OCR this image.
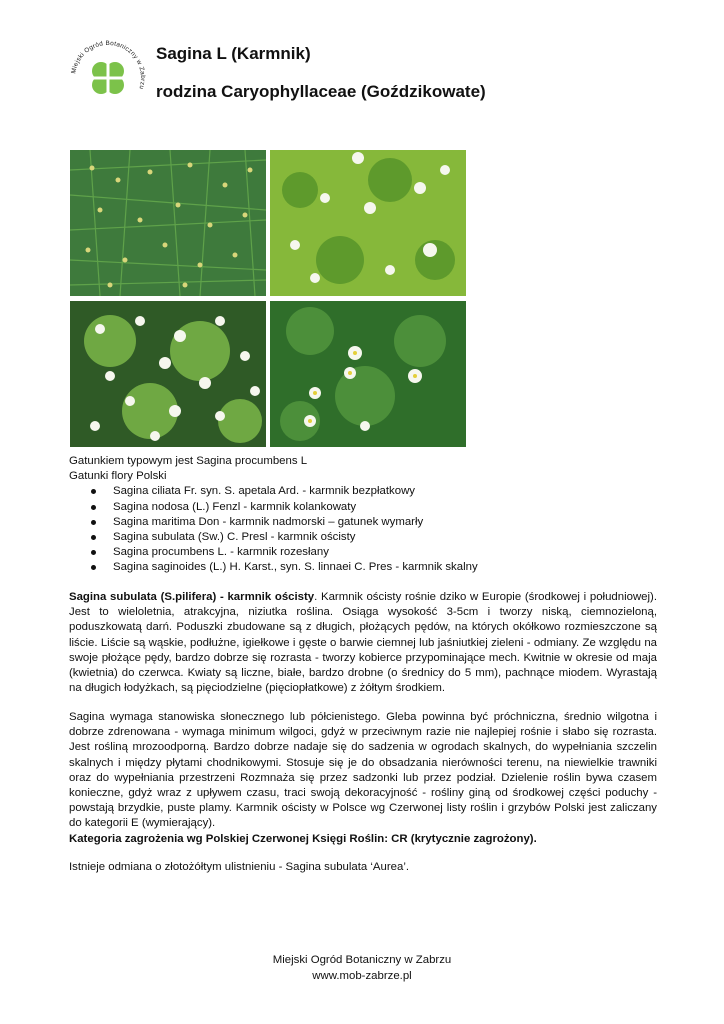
Miejski Ogród Botaniczny w Zabrzu
Sagina L (Karmnik)
rodzina Caryophyllaceae (Goździkowate)
Gatunkiem typowym jest Sagina procumbens L
Gatunki flory Polski
Sagina ciliata Fr. syn. S. apetala Ard. - karmnik bezpłatkowy
Sagina nodosa (L.) Fenzl - karmnik kolankowaty
Sagina maritima Don - karmnik nadmorski – gatunek wymarły
Sagina subulata (Sw.) C. Presl - karmnik ościsty
Sagina procumbens L. - karmnik rozesłany
Sagina saginoides (L.) H. Karst., syn. S. linnaei C. Pres - karmnik skalny
Sagina subulata (S.pilifera) - karmnik ościsty. Karmnik ościsty rośnie dziko w Europie (środkowej i południowej). Jest to wieloletnia, atrakcyjna, niziutka roślina. Osiąga wysokość 3-5cm i tworzy niską, ciemnozieloną, poduszkowatą darń. Poduszki zbudowane są z długich, płożących pędów, na których okółkowo rozmieszczone są liście. Liście są wąskie, podłużne, igiełkowe i gęste o barwie ciemnej lub jaśniutkiej zieleni - odmiany. Ze względu na swoje płożące pędy, bardzo dobrze się rozrasta - tworzy kobierce przypominające mech. Kwitnie w okresie od maja (kwietnia) do czerwca. Kwiaty są liczne, białe, bardzo drobne (o średnicy do 5 mm), pachnące miodem. Wyrastają na długich łodyżkach, są pięciodzielne (pięciopłatkowe) z żółtym środkiem.
Sagina wymaga stanowiska słonecznego lub półcienistego. Gleba powinna być próchniczna, średnio wilgotna i dobrze zdrenowana - wymaga minimum wilgoci, gdyż w przeciwnym razie nie najlepiej rośnie i słabo się rozrasta. Jest rośliną mrozoodporną. Bardzo dobrze nadaje się do sadzenia w ogrodach skalnych, do wypełniania szczelin skalnych i między płytami chodnikowymi. Stosuje się je do obsadzania nierówności terenu, na niewielkie trawniki oraz do wypełniania przestrzeni Rozmnaża się przez sadzonki lub przez podział. Dzielenie roślin bywa czasem konieczne, gdyż wraz z upływem czasu, traci swoją dekoracyjność - rośliny giną od środkowej części poduchy - powstają brzydkie, puste plamy. Karmnik ościsty w Polsce wg Czerwonej listy roślin i grzybów Polski jest zaliczany do kategorii E (wymierający).
Kategoria zagrożenia wg Polskiej Czerwonej Księgi Roślin: CR (krytycznie zagrożony).
Istnieje odmiana o złotożółtym ulistnieniu - Sagina subulata ‘Aurea’.
Miejski Ogród Botaniczny w Zabrzu
www.mob-zabrze.pl
